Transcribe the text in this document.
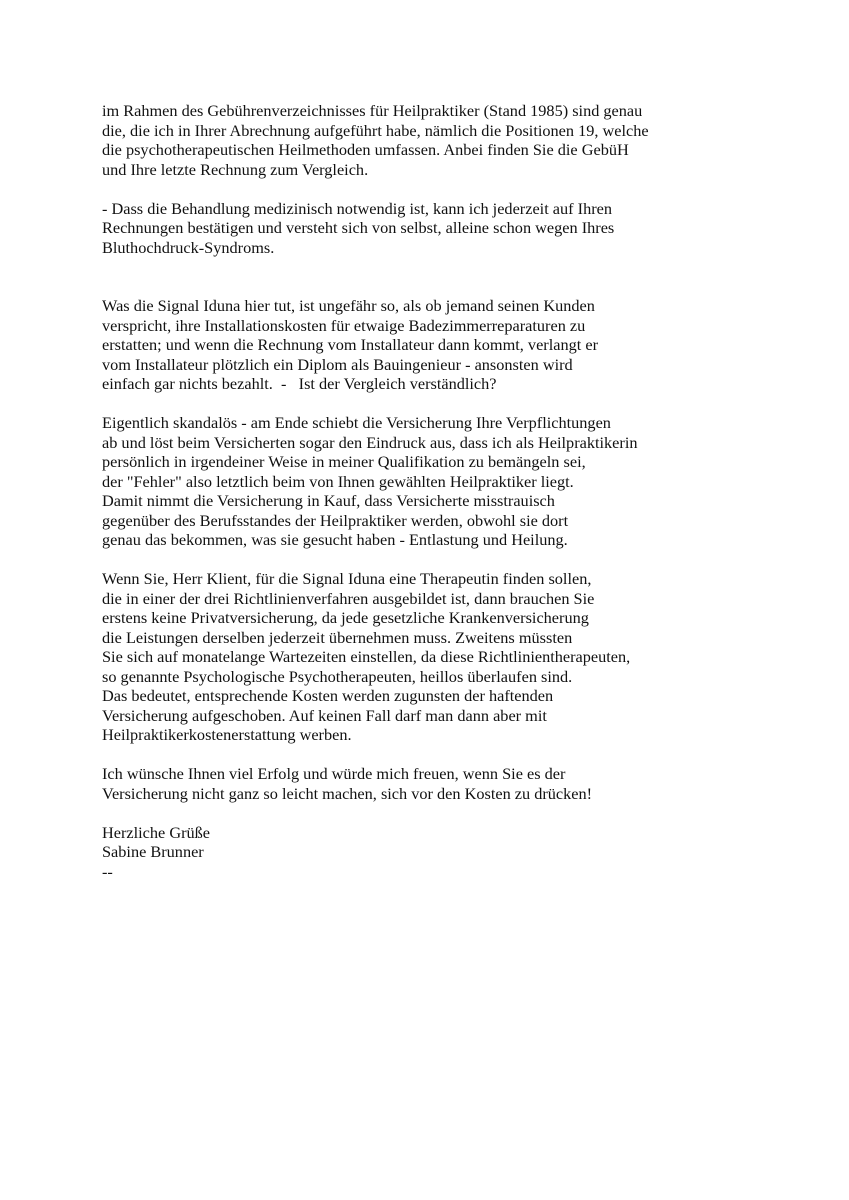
im Rahmen des Gebührenverzeichnisses für Heilpraktiker (Stand 1985) sind genau
die, die ich in Ihrer Abrechnung aufgeführt habe, nämlich die Positionen 19, welche
die psychotherapeutischen Heilmethoden umfassen. Anbei finden Sie die GebüH
und Ihre letzte Rechnung zum Vergleich.
- Dass die Behandlung medizinisch notwendig ist, kann ich jederzeit auf Ihren
Rechnungen bestätigen und versteht sich von selbst, alleine schon wegen Ihres
Bluthochdruck-Syndroms.
Was die Signal Iduna hier tut, ist ungefähr so, als ob jemand seinen Kunden
verspricht, ihre Installationskosten für etwaige Badezimmerreparaturen zu
erstatten; und wenn die Rechnung vom Installateur dann kommt, verlangt er
vom Installateur plötzlich ein Diplom als Bauingenieur - ansonsten wird
einfach gar nichts bezahlt.  -   Ist der Vergleich verständlich?
Eigentlich skandalös - am Ende schiebt die Versicherung Ihre Verpflichtungen
ab und löst beim Versicherten sogar den Eindruck aus, dass ich als Heilpraktikerin
persönlich in irgendeiner Weise in meiner Qualifikation zu bemängeln sei,
der "Fehler" also letztlich beim von Ihnen gewählten Heilpraktiker liegt.
Damit nimmt die Versicherung in Kauf, dass Versicherte misstrauisch
gegenüber des Berufsstandes der Heilpraktiker werden, obwohl sie dort
genau das bekommen, was sie gesucht haben - Entlastung und Heilung.
Wenn Sie, Herr Klient, für die Signal Iduna eine Therapeutin finden sollen,
die in einer der drei Richtlinienverfahren ausgebildet ist, dann brauchen Sie
erstens keine Privatversicherung, da jede gesetzliche Krankenversicherung
die Leistungen derselben jederzeit übernehmen muss. Zweitens müssten
Sie sich auf monatelange Wartezeiten einstellen, da diese Richtlinientherapeuten,
so genannte Psychologische Psychotherapeuten, heillos überlaufen sind.
Das bedeutet, entsprechende Kosten werden zugunsten der haftenden
Versicherung aufgeschoben. Auf keinen Fall darf man dann aber mit
Heilpraktikerkostenerstattung werben.
Ich wünsche Ihnen viel Erfolg und würde mich freuen, wenn Sie es der
Versicherung nicht ganz so leicht machen, sich vor den Kosten zu drücken!
Herzliche Grüße
Sabine Brunner
--
